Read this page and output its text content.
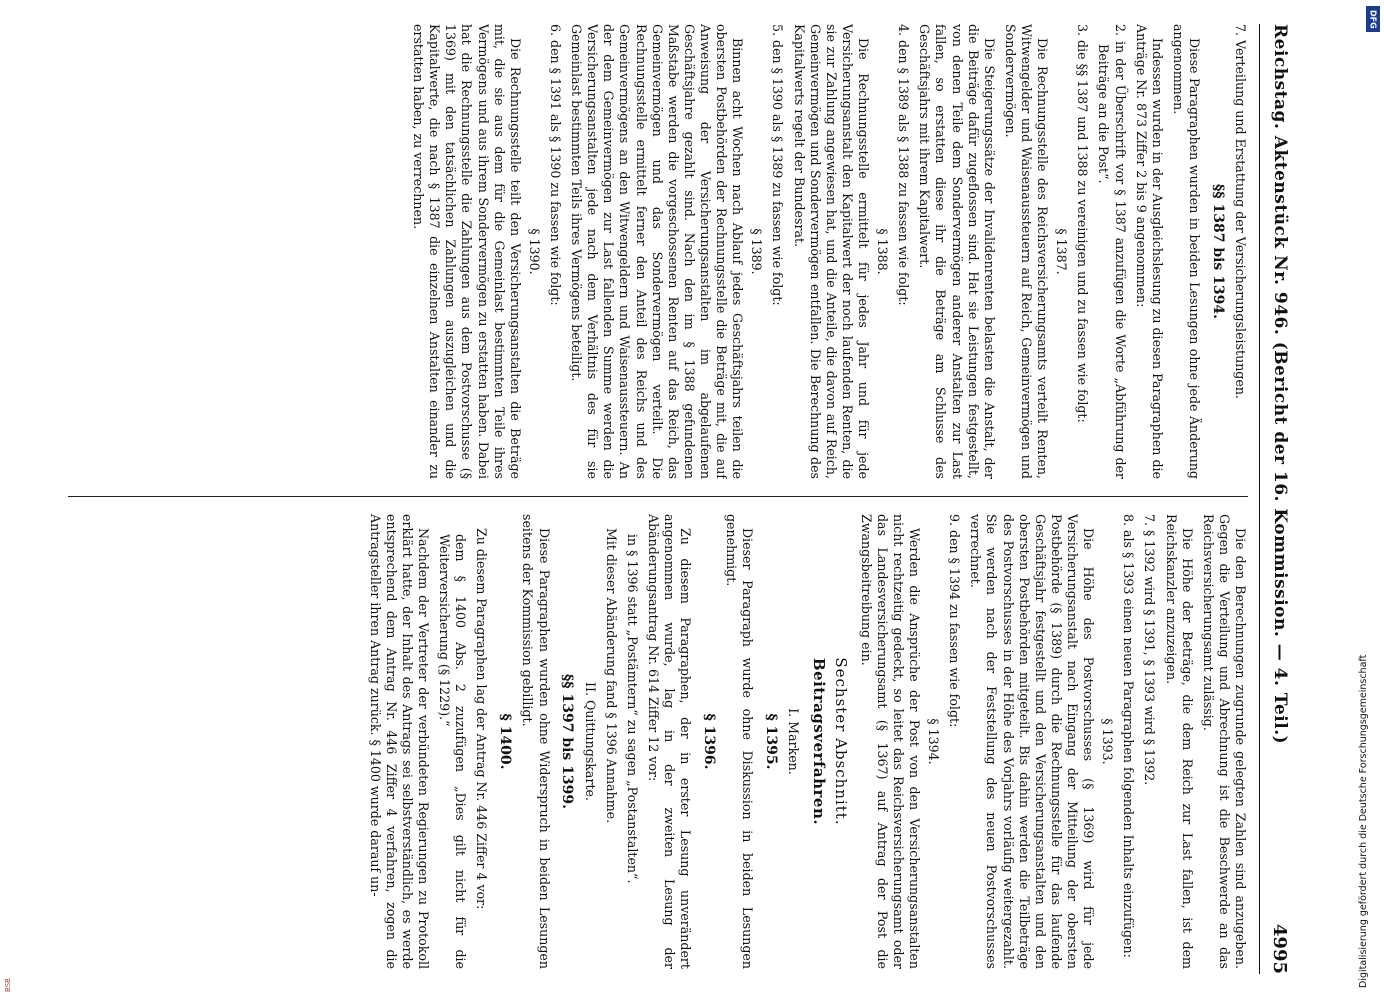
Reichstag. Aktenstück Nr. 946. (Bericht der 16. Kommission. — 4. Teil.)
4995
7. Verteilung und Erstattung der Versicherungsleistungen.
§§ 1387 bis 1394.
Diese Paragraphen wurden in beiden Lesungen ohne jede Änderung angenommen.
Indessen wurden in der Ausgleichslesung zu diesen Paragraphen die Anträge Nr. 873 Ziffer 2 bis 9 angenommen:
2. in der Überschrift vor § 1387 anzufügen die Worte „Abführung der Beiträge an die Post“.
3. die §§ 1387 und 1388 zu vereinigen und zu fassen wie folgt:
§ 1387.
Die Rechnungsstelle des Reichsversicherungsamts verteilt Renten, Witwengelder und Waisenaussteuern auf Reich, Gemeinvermögen und Sondervermögen.
Die Steigerungssätze der Invalidenrenten belasten die Anstalt, der die Beiträge dafür zugeflossen sind. Hat sie Leistungen festgestellt, von denen Teile dem Sondervermögen anderer Anstalten zur Last fallen, so erstatten diese ihr die Beträge am Schlusse des Geschäftsjahrs mit ihrem Kapitalwert.
4. den § 1389 als § 1388 zu fassen wie folgt:
§ 1388.
Die Rechnungsstelle ermittelt für jedes Jahr und für jede Versicherungsanstalt den Kapitalwert der noch laufenden Renten, die sie zur Zahlung angewiesen hat, und die Anteile, die davon auf Reich, Gemeinvermögen und Sondervermögen entfallen. Die Berechnung des Kapitalwerts regelt der Bundesrat.
5. den § 1390 als § 1389 zu fassen wie folgt:
§ 1389.
Binnen acht Wochen nach Ablauf jedes Geschäftsjahrs teilen die obersten Postbehörden der Rechnungsstelle die Beträge mit, die auf Anweisung der Versicherungsanstalten im abgelaufenen Geschäftsjahre gezahlt sind. Nach den im § 1388 gefundenen Maßstabe werden die vorgeschossenen Renten auf das Reich, das Gemeinvermögen und das Sondervermögen verteilt. Die Rechnungsstelle ermittelt ferner den Anteil des Reichs und des Gemeinvermögens an den Witwengeldern und Waisenaussteuern. An der dem Gemeinvermögen zur Last fallenden Summe werden die Versicherungsanstalten jede nach dem Verhältnis des für sie Gemeinlast bestimmten Teils ihres Vermögens beteiligt.
6. den § 1391 als § 1390 zu fassen wie folgt:
§ 1390.
Die Rechnungsstelle teilt den Versicherungsanstalten die Beträge mit, die sie aus dem für die Gemeinlast bestimmten Teile ihres Vermögens und aus ihrem Sondervermögen zu erstatten haben. Dabei hat die Rechnungsstelle die Zahlungen aus dem Postvorschusse (§ 1369) mit den tatsächlichen Zahlungen auszugleichen und die Kapitalwerte, die nach § 1387 die einzelnen Anstalten einander zu erstatten haben, zu verrechnen.
Die den Berechnungen zugrunde gelegten Zahlen sind anzugeben. Gegen die Verteilung und Abrechnung ist die Beschwerde an das Reichsversicherungsamt zulässig.
Die Höhe der Beträge, die dem Reich zur Last fallen, ist dem Reichskanzler anzuzeigen.
7. § 1392 wird § 1391, § 1393 wird § 1392.
8. als § 1393 einen neuen Paragraphen folgenden Inhalts einzufügen:
§ 1393.
Die Höhe des Postvorschusses (§ 1369) wird für jede Versicherungsanstalt nach Eingang der Mitteilung der obersten Postbehörde (§ 1389) durch die Rechnungsstelle für das laufende Geschäftsjahr festgestellt und den Versicherungsanstalten und den obersten Postbehörden mitgeteilt. Bis dahin werden die Teilbeträge des Postvorschusses in der Höhe des Vorjahrs vorläufig weitergezahlt. Sie werden nach der Feststellung des neuen Postvorschusses verrechnet.
9. den § 1394 zu fassen wie folgt:
§ 1394.
Werden die Ansprüche der Post von den Versicherungsanstalten nicht rechtzeitig gedeckt, so leitet das Reichsversicherungsamt oder das Landesversicherungsamt (§ 1367) auf Antrag der Post die Zwangsbeitreibung ein.
Sechster Abschnitt.
Beitragsverfahren.
I. Marken.
§ 1395.
Dieser Paragraph wurde ohne Diskussion in beiden Lesungen genehmigt.
§ 1396.
Zu diesem Paragraphen, der in erster Lesung unverändert angenommen wurde, lag in der zweiten Lesung der Abänderungsantrag Nr. 614 Ziffer 12 vor:
in § 1396 statt „Postämtern“ zu sagen „Postanstalten“.
Mit dieser Abänderung fand § 1396 Annahme.
II. Quittungskarte.
§§ 1397 bis 1399.
Diese Paragraphen wurden ohne Widerspruch in beiden Lesungen seitens der Kommission gebilligt.
§ 1400.
Zu diesem Paragraphen lag der Antrag Nr. 446 Ziffer 4 vor:
dem § 1400 Abs. 2 zuzufügen „Dies gilt nicht für die Weiterversicherung (§ 1229).“
Nachdem der Vertreter der verbündeten Regierungen zu Protokoll erklärt hatte, der Inhalt des Antrags sei selbstverständlich, es werde entsprechend dem Antrag Nr. 446 Ziffer 4 verfahren, zogen die Antragsteller ihren Antrag zurück. § 1400 wurde darauf un-	Digitalisierung gefördert durch die Deutsche Forschungsgemeinschaft
DFG
BSB
